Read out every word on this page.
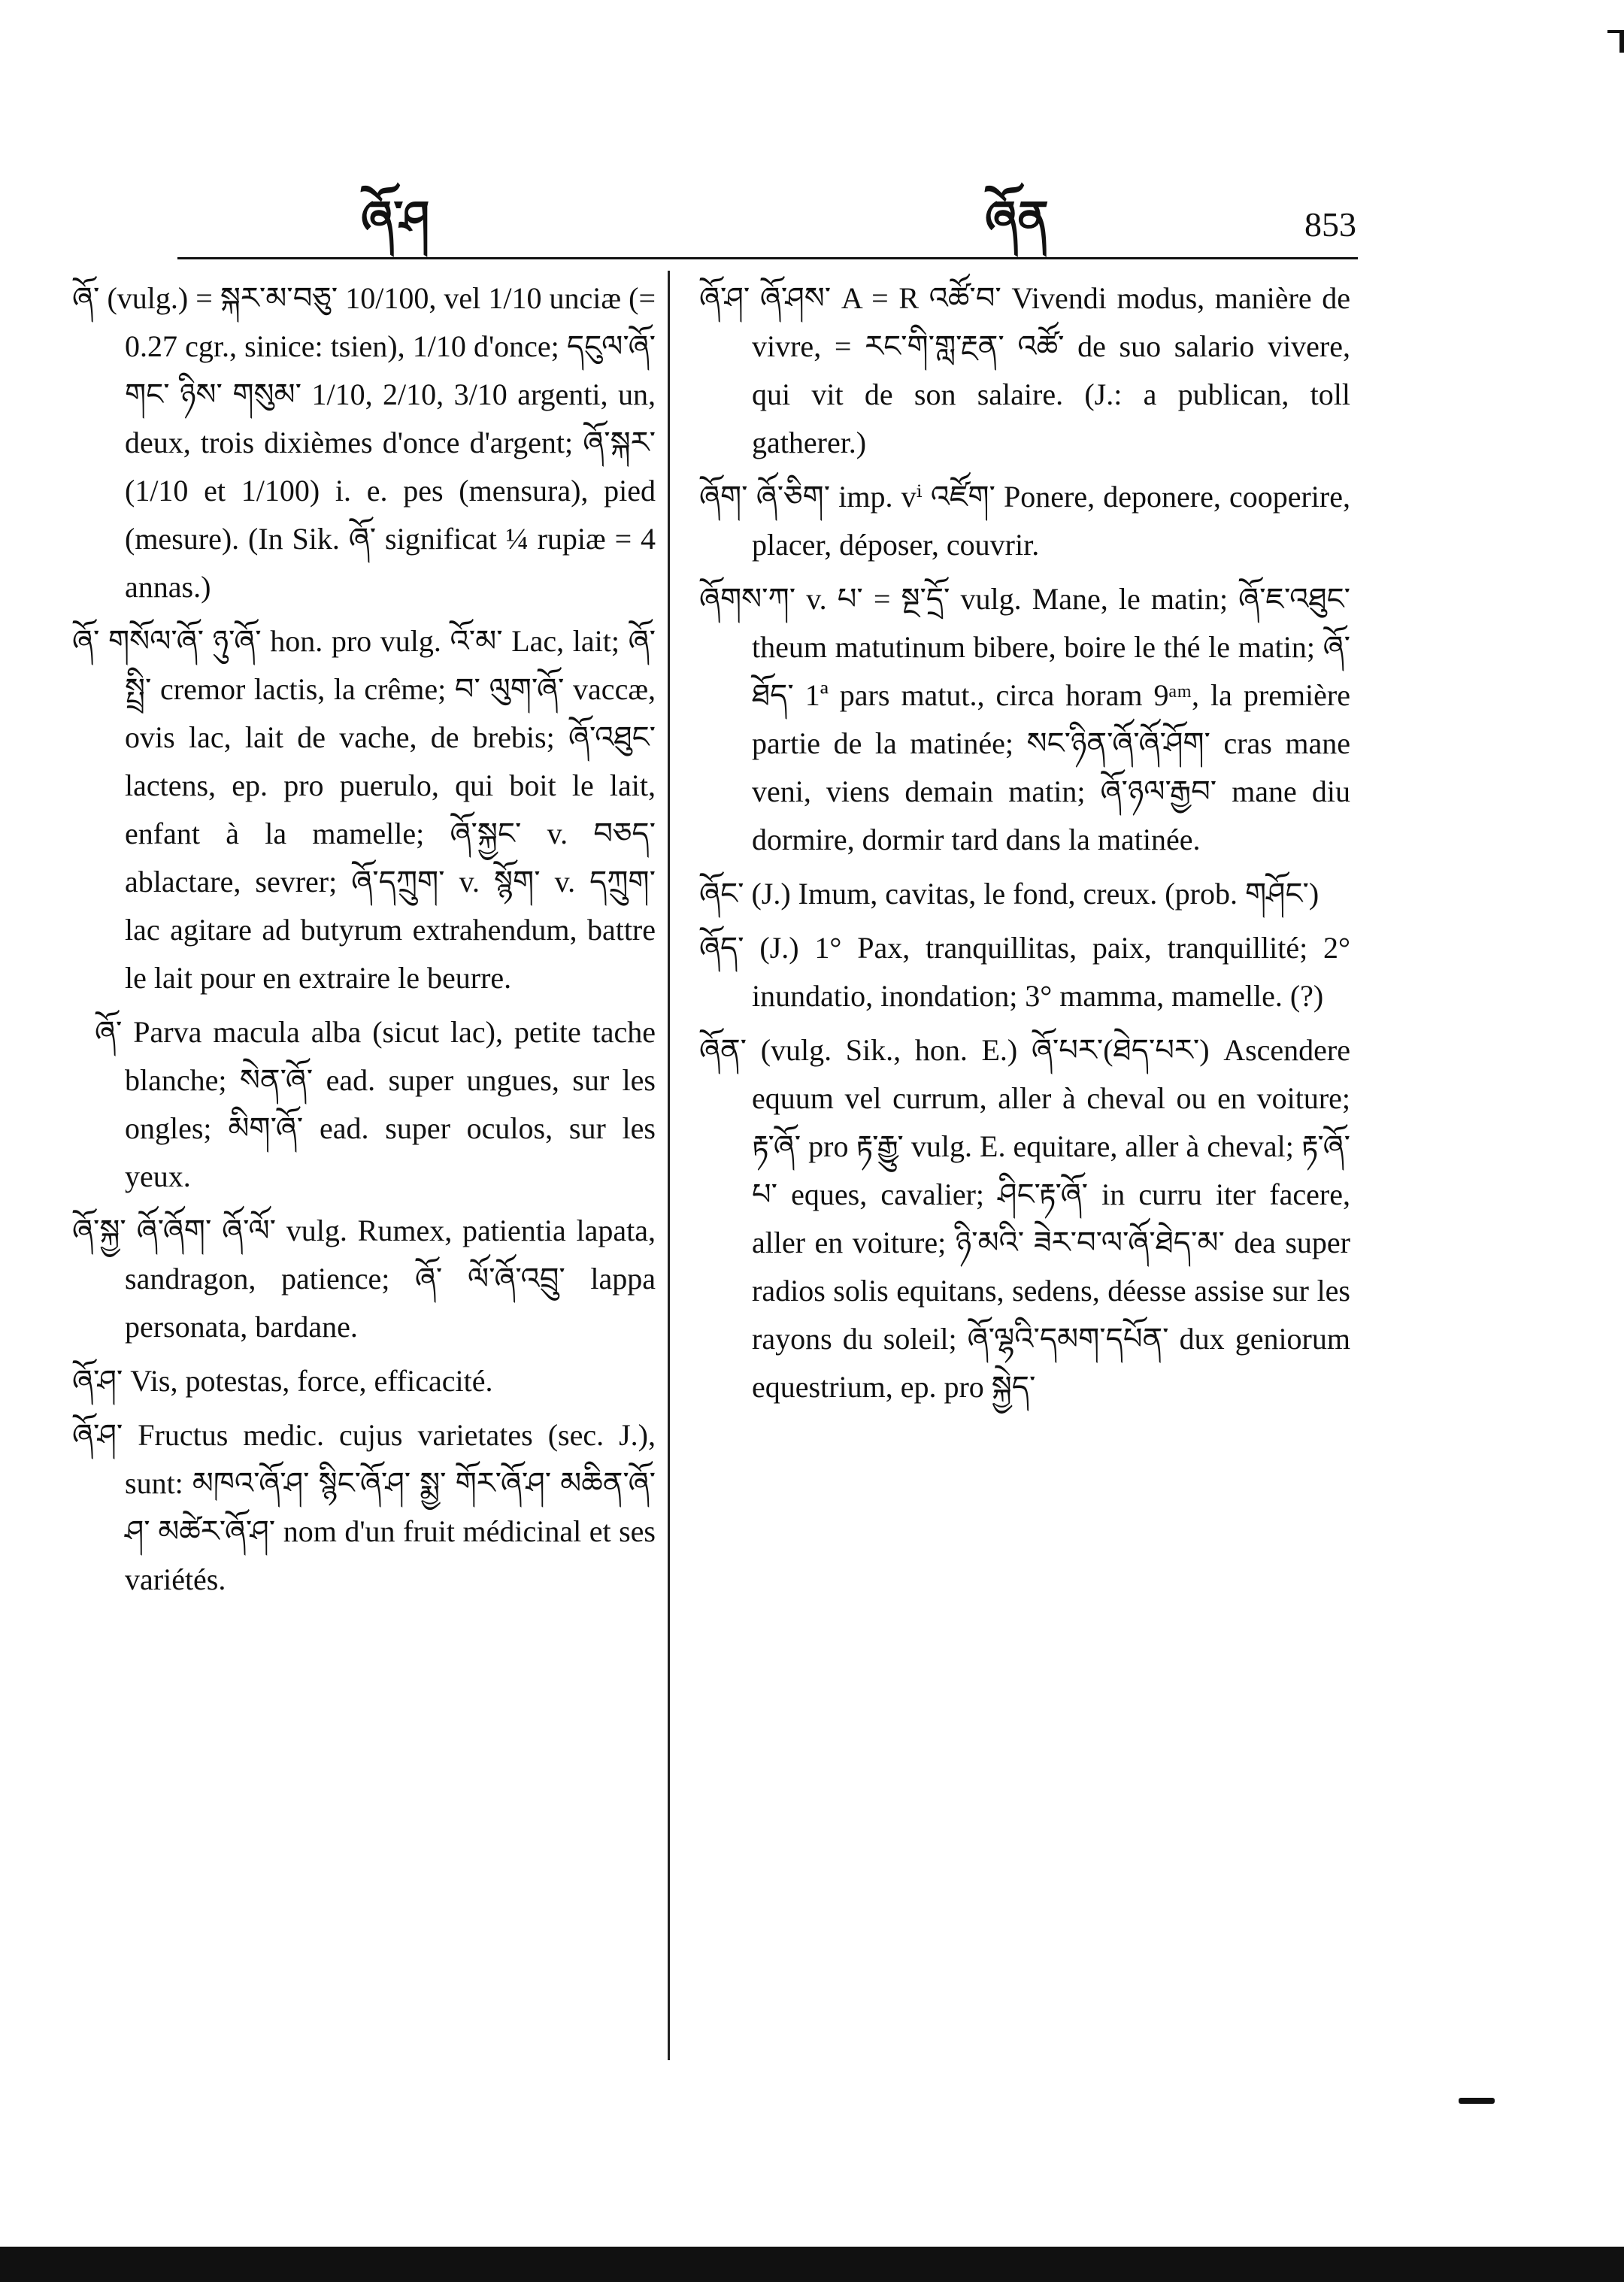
ཞོ་ཤ	ཞོན	853

ཞོ་ (vulg.) = སྐར་མ་བཅུ་ 10/100, vel 1/10 unciæ (= 0.27 cgr., sinice: tsien), 1/10 d'once; དངུལ་ཞོ་གང་ ཉིས་ གསུམ་ 1/10, 2/10, 3/10 argenti, un, deux, trois dixièmes d'once d'argent; ཞོ་སྐར་ (1/10 et 1/100) i. e. pes (mensura), pied (mesure). (In Sik. ཞོ་ significat ¼ rupiæ = 4 annas.)

ཞོ་ གསོལ་ཞོ་ ཉུ་ཞོ་ hon. pro vulg. འོ་མ་ Lac, lait; ཞོ་སྤྲི་ cremor lactis, la crême; བ་ ལུག་ཞོ་ vaccæ, ovis lac, lait de vache, de brebis; ཞོ་འཐུང་ lactens, ep. pro puerulo, qui boit le lait, enfant à la mamelle; ཞོ་སྐྱང་ v. བཅད་ ablactare, sevrer; ཞོ་དཀྲུག་ v. སྙོག་ v. དཀྲུག་ lac agitare ad butyrum extrahendum, battre le lait pour en extraire le beurre.

ཞོ་ Parva macula alba (sicut lac), petite tache blanche; སེན་ཞོ་ ead. super ungues, sur les ongles; མིག་ཞོ་ ead. super oculos, sur les yeux.

ཞོ་སྐྱ་ ཞོ་ཞོག་ ཞོ་ལོ་ vulg. Rumex, patientia lapata, sandragon, patience; ཞོ་ ལོ་ཞོ་འབྲུ་ lappa personata, bardane.

ཞོ་ཤ་ Vis, potestas, force, efficacité.

ཞོ་ཤ་ Fructus medic. cujus varietates (sec. J.), sunt: མཁའ་ཞོ་ཤ་ སྙིང་ཞོ་ཤ་ སྨྱ་ གོར་ཞོ་ཤ་ མཆིན་ཞོ་ཤ་ མཚེར་ཞོ་ཤ་ nom d'un fruit médicinal et ses variétés.

ཞོ་ཤ་ ཞོ་ཤས་ A = R འཚོ་བ་ Vivendi modus, manière de vivre, = རང་གི་གླ་རྔན་ འཚོ་ de suo salario vivere, qui vit de son salaire. (J.: a publican, toll gatherer.)

ཞོག་ ཞོ་ཅིག་ imp. vⁱ འཛོག་ Ponere, deponere, cooperire, placer, déposer, couvrir.

ཞོགས་ཀ་ v. པ་ = སྔ་དྲོ་ vulg. Mane, le matin; ཞོ་ཇ་འཐུང་ theum matutinum bibere, boire le thé le matin; ཞོ་ཐོད་ 1ª pars matut., circa horam 9ᵃᵐ, la première partie de la matinée; སང་ཉིན་ཞོ་ཞོ་ཤོག་ cras mane veni, viens demain matin; ཞོ་ཉལ་རྒྱབ་ mane diu dormire, dormir tard dans la matinée.

ཞོང་ (J.) Imum, cavitas, le fond, creux. (prob. གཤོང་)

ཞོད་ (J.) 1° Pax, tranquillitas, paix, tranquillité; 2° inundatio, inondation; 3° mamma, mamelle. (?)

ཞོན་ (vulg. Sik., hon. E.) ཞོ་པར་(ཐེད་པར་) Ascendere equum vel currum, aller à cheval ou en voiture; རྟ་ཞོ་ pro རྟ་རྒྱུ་ vulg. E. equitare, aller à cheval; རྟ་ཞོ་ པ་ eques, cavalier; ཤིང་རྟ་ཞོ་ in curru iter facere, aller en voiture; ཉི་མའི་ ཟེར་བ་ལ་ཞོ་ཐེད་མ་ dea super radios solis equitans, sedens, déesse assise sur les rayons du soleil; ཞོ་ལྷའི་དམག་དཔོན་ dux geniorum equestrium, ep. pro སྐྱེད་
